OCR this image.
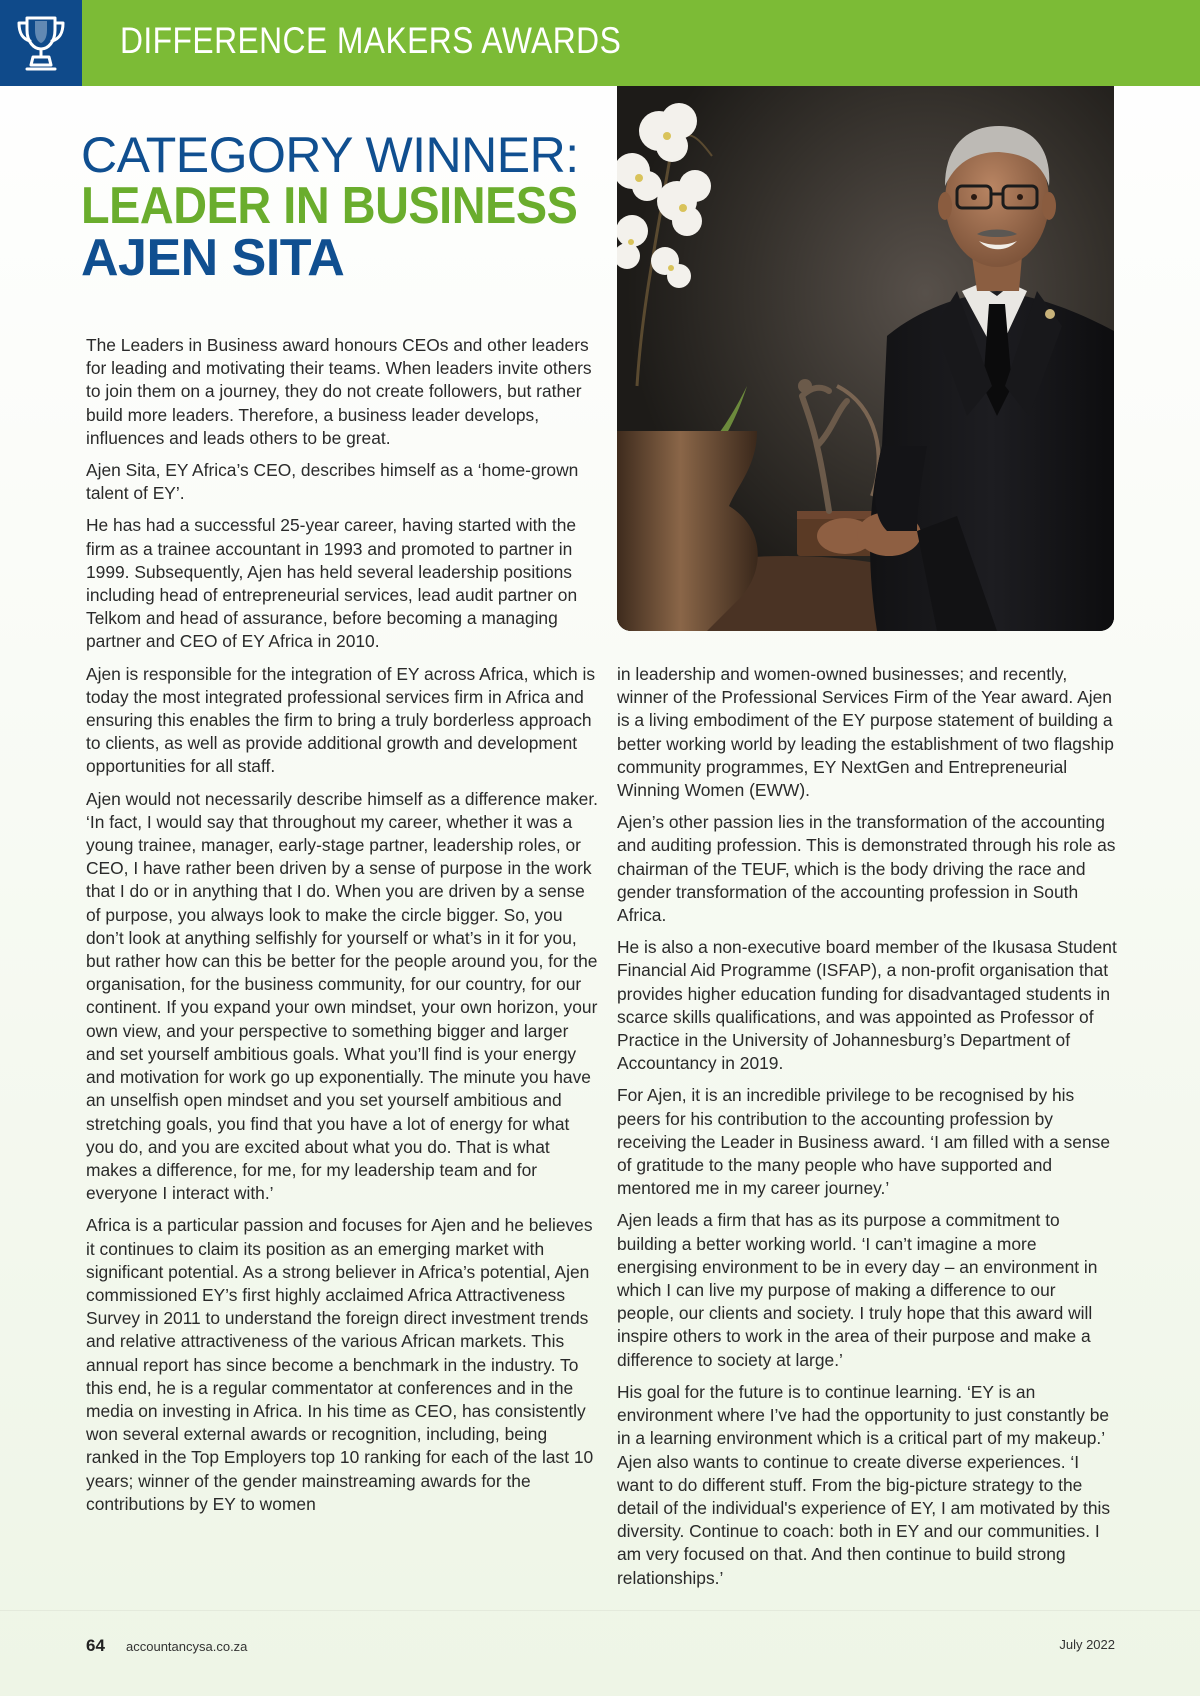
DIFFERENCE MAKERS AWARDS
CATEGORY WINNER:
LEADER IN BUSINESS
AJEN SITA

The Leaders in Business award honours CEOs and other leaders for leading and motivating their teams. When leaders invite others to join them on a journey, they do not create followers, but rather build more leaders. Therefore, a business leader develops, influences and leads others to be great.

Ajen Sita, EY Africa’s CEO, describes himself as a ‘home-grown talent of EY’.

He has had a successful 25-year career, having started with the firm as a trainee accountant in 1993 and promoted to partner in 1999. Subsequently, Ajen has held several leadership positions including head of entrepreneurial services, lead audit partner on Telkom and head of assurance, before becoming a managing partner and CEO of EY Africa in 2010.

Ajen is responsible for the integration of EY across Africa, which is today the most integrated professional services firm in Africa and ensuring this enables the firm to bring a truly borderless approach to clients, as well as provide additional growth and development opportunities for all staff.

Ajen would not necessarily describe himself as a difference maker. ‘In fact, I would say that throughout my career, whether it was a young trainee, manager, early-stage partner, leadership roles, or CEO, I have rather been driven by a sense of purpose in the work that I do or in anything that I do. When you are driven by a sense of purpose, you always look to make the circle bigger. So, you don’t look at anything selfishly for yourself or what’s in it for you, but rather how can this be better for the people around you, for the organisation, for the business community, for our country, for our continent. If you expand your own mindset, your own horizon, your own view, and your perspective to something bigger and larger and set yourself ambitious goals. What you’ll find is your energy and motivation for work go up exponentially. The minute you have an unselfish open mindset and you set yourself ambitious and stretching goals, you find that you have a lot of energy for what you do, and you are excited about what you do. That is what makes a difference, for me, for my leadership team and for everyone I interact with.’

Africa is a particular passion and focuses for Ajen and he believes it continues to claim its position as an emerging market with significant potential. As a strong believer in Africa’s potential, Ajen commissioned EY’s first highly acclaimed Africa Attractiveness Survey in 2011 to understand the foreign direct investment trends and relative attractiveness of the various African markets. This annual report has since become a benchmark in the industry. To this end, he is a regular commentator at conferences and in the media on investing in Africa. In his time as CEO, has consistently won several external awards or recognition, including, being ranked in the Top Employers top 10 ranking for each of the last 10 years; winner of the gender mainstreaming awards for the contributions by EY to women

in leadership and women-owned businesses; and recently, winner of the Professional Services Firm of the Year award. Ajen is a living embodiment of the EY purpose statement of building a better working world by leading the establishment of two flagship community programmes, EY NextGen and Entrepreneurial Winning Women (EWW).

Ajen’s other passion lies in the transformation of the accounting and auditing profession. This is demonstrated through his role as chairman of the TEUF, which is the body driving the race and gender transformation of the accounting profession in South Africa.

He is also a non-executive board member of the Ikusasa Student Financial Aid Programme (ISFAP), a non-profit organisation that provides higher education funding for disadvantaged students in scarce skills qualifications, and was appointed as Professor of Practice in the University of Johannesburg’s Department of Accountancy in 2019.

For Ajen, it is an incredible privilege to be recognised by his peers for his contribution to the accounting profession by receiving the Leader in Business award. ‘I am filled with a sense of gratitude to the many people who have supported and mentored me in my career journey.’

Ajen leads a firm that has as its purpose a commitment to building a better working world. ‘I can’t imagine a more energising environment to be in every day – an environment in which I can live my purpose of making a difference to our people, our clients and society. I truly hope that this award will inspire others to work in the area of their purpose and make a difference to society at large.’

His goal for the future is to continue learning. ‘EY is an environment where I’ve had the opportunity to just constantly be in a learning environment which is a critical part of my makeup.’ Ajen also wants to continue to create diverse experiences. ‘I want to do different stuff. From the big-picture strategy to the detail of the individual's experience of EY, I am motivated by this diversity. Continue to coach: both in EY and our communities. I am very focused on that. And then continue to build strong relationships.’

64 accountancysa.co.za	July 2022
